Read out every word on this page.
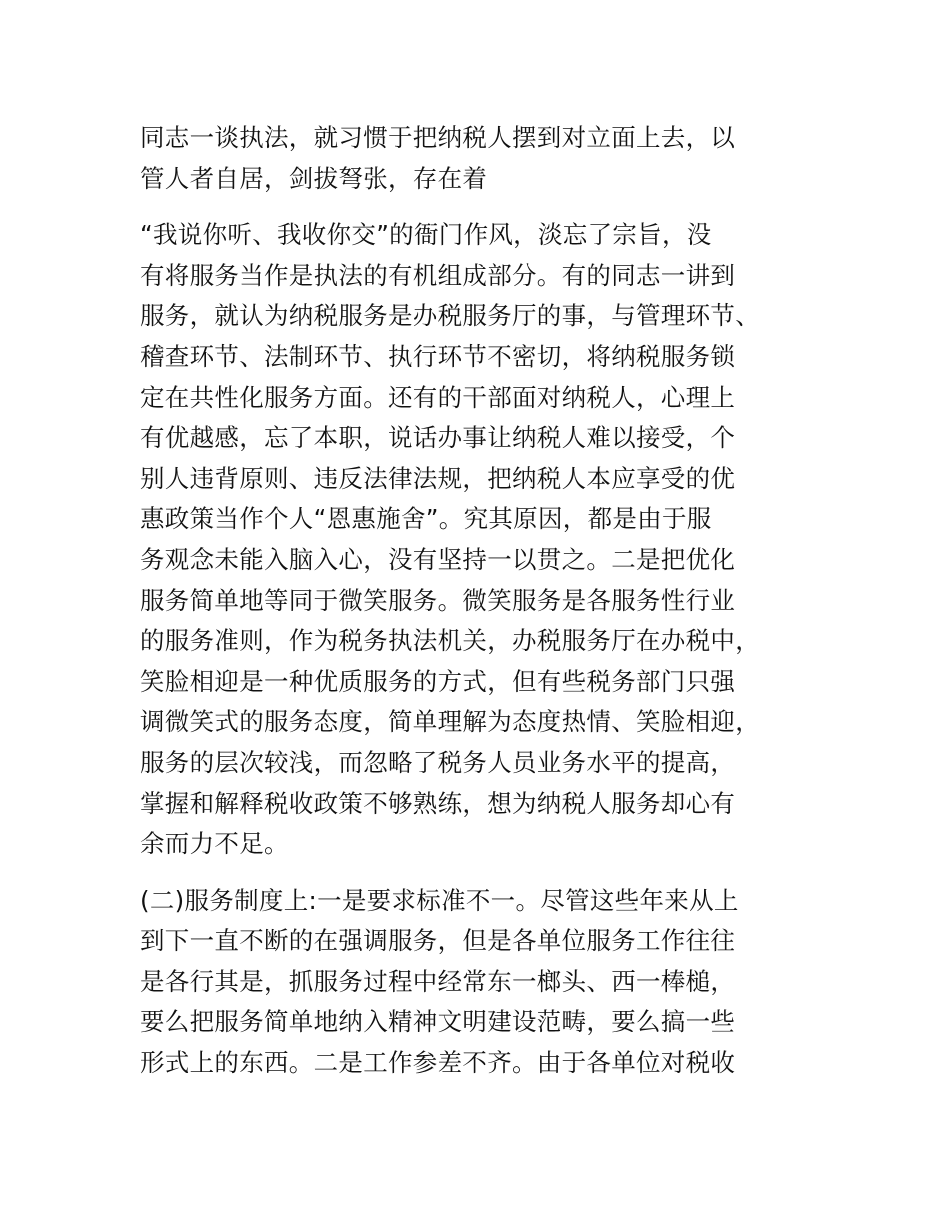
同志一谈执法，就习惯于把纳税人摆到对立面上去，以
管人者自居，剑拔弩张，存在着

“我说你听、我收你交”的衙门作风，淡忘了宗旨，没
有将服务当作是执法的有机组成部分。有的同志一讲到
服务，就认为纳税服务是办税服务厅的事，与管理环节、
稽查环节、法制环节、执行环节不密切，将纳税服务锁
定在共性化服务方面。还有的干部面对纳税人，心理上
有优越感，忘了本职，说话办事让纳税人难以接受，个
别人违背原则、违反法律法规，把纳税人本应享受的优
惠政策当作个人“恩惠施舍”。究其原因，都是由于服
务观念未能入脑入心，没有坚持一以贯之。二是把优化
服务简单地等同于微笑服务。微笑服务是各服务性行业
的服务准则，作为税务执法机关，办税服务厅在办税中，
笑脸相迎是一种优质服务的方式，但有些税务部门只强
调微笑式的服务态度，简单理解为态度热情、笑脸相迎，
服务的层次较浅，而忽略了税务人员业务水平的提高，
掌握和解释税收政策不够熟练，想为纳税人服务却心有
余而力不足。

(二)服务制度上:一是要求标准不一。尽管这些年来从上
到下一直不断的在强调服务，但是各单位服务工作往往
是各行其是，抓服务过程中经常东一榔头、西一棒槌，
要么把服务简单地纳入精神文明建设范畴，要么搞一些
形式上的东西。二是工作参差不齐。由于各单位对税收
